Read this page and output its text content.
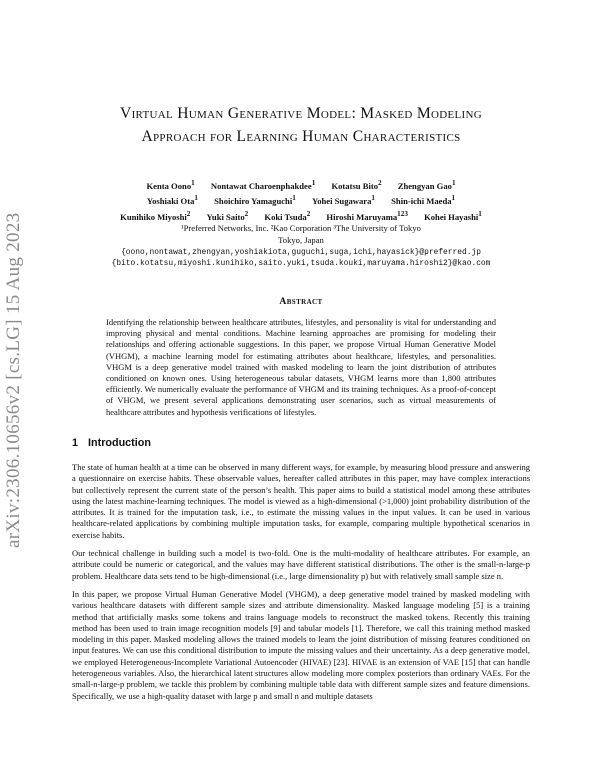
arXiv:2306.10656v2 [cs.LG] 15 Aug 2023
Virtual Human Generative Model: Masked Modeling
Approach for Learning Human Characteristics
Kenta Oono$^1$ Nontawat Charoenphakdee$^1$ Kotatsu Bito$^2$ Zhengyan Gao$^1$
Yoshiaki Ota$^1$ Shoichiro Yamaguchi$^1$ Yohei Sugawara$^1$ Shin-ichi Maeda$^1$
Kunihiko Miyoshi$^2$ Yuki Saito$^2$ Koki Tsuda$^2$ Hiroshi Maruyama$^{123}$ Kohei Hayashi$^1$
¹Preferred Networks, Inc. ²Kao Corporation ³The University of Tokyo
Tokyo, Japan
{oono,nontawat,zhengyan,yoshiakiota,guguchi,suga,ichi,hayasick}@preferred.jp
{bito.kotatsu,miyoshi.kunihiko,saito.yuki,tsuda.kouki,maruyama.hiroshi2}@kao.com
Abstract

Identifying the relationship between healthcare attributes, lifestyles, and personality is vital for understanding and improving physical and mental conditions. Machine learning approaches are promising for modeling their relationships and offering actionable suggestions. In this paper, we propose Virtual Human Generative Model (VHGM), a machine learning model for estimating attributes about healthcare, lifestyles, and personalities. VHGM is a deep generative model trained with masked modeling to learn the joint distribution of attributes conditioned on known ones. Using heterogeneous tabular datasets, VHGM learns more than 1,800 attributes efficiently. We numerically evaluate the performance of VHGM and its training techniques. As a proof-of-concept of VHGM, we present several applications demonstrating user scenarios, such as virtual measurements of healthcare attributes and hypothesis verifications of lifestyles.

1 Introduction

The state of human health at a time can be observed in many different ways, for example, by measuring blood pressure and answering a questionnaire on exercise habits. These observable values, hereafter called attributes in this paper, may have complex interactions but collectively represent the current state of the person’s health. This paper aims to build a statistical model among these attributes using the latest machine-learning techniques. The model is viewed as a high-dimensional (>1,000) joint probability distribution of the attributes. It is trained for the imputation task, i.e., to estimate the missing values in the input values. It can be used in various healthcare-related applications by combining multiple imputation tasks, for example, comparing multiple hypothetical scenarios in exercise habits.

Our technical challenge in building such a model is two-fold. One is the multi-modality of healthcare attributes. For example, an attribute could be numeric or categorical, and the values may have different statistical distributions. The other is the small-n-large-p problem. Healthcare data sets tend to be high-dimensional (i.e., large dimensionality p) but with relatively small sample size n.

In this paper, we propose Virtual Human Generative Model (VHGM), a deep generative model trained by masked modeling with various healthcare datasets with different sample sizes and attribute dimensionality. Masked language modeling [5] is a training method that artificially masks some tokens and trains language models to reconstruct the masked tokens. Recently this training method has been used to train image recognition models [9] and tabular models [1]. Therefore, we call this training method masked modeling in this paper. Masked modeling allows the trained models to learn the joint distribution of missing features conditioned on input features. We can use this conditional distribution to impute the missing values and their uncertainty. As a deep generative model, we employed Heterogeneous-Incomplete Variational Autoencoder (HIVAE) [23]. HIVAE is an extension of VAE [15] that can handle heterogeneous variables. Also, the hierarchical latent structures allow modeling more complex posteriors than ordinary VAEs. For the small-n-large-p problem, we tackle this problem by combining multiple table data with different sample sizes and feature dimensions. Specifically, we use a high-quality dataset with large p and small n and multiple datasets
